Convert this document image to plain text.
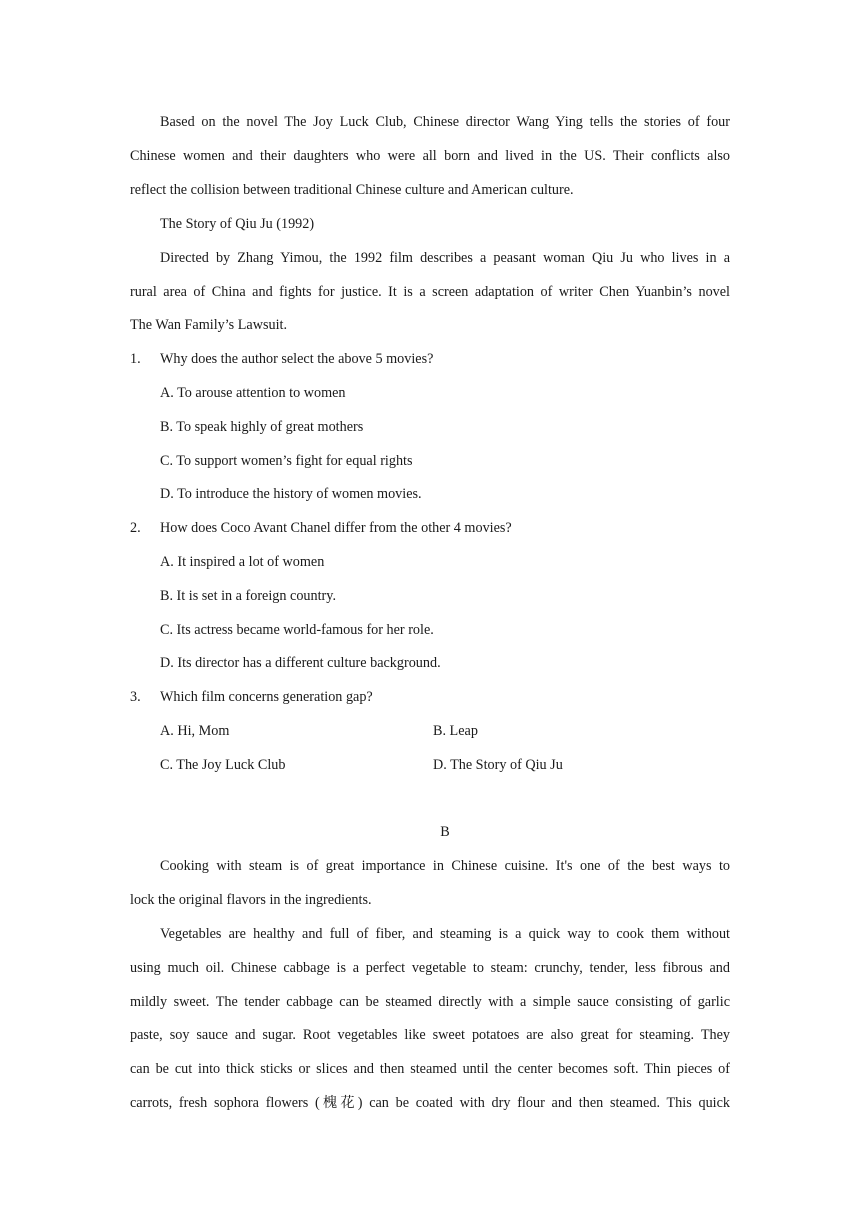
Based on the novel The Joy Luck Club, Chinese director Wang Ying tells the stories of four
Chinese women and their daughters who were all born and lived in the US. Their conflicts also
reflect the collision between traditional Chinese culture and American culture.
The Story of Qiu Ju (1992)
Directed by Zhang Yimou, the 1992 film describes a peasant woman Qiu Ju who lives in a
rural area of China and fights for justice. It is a screen adaptation of writer Chen Yuanbin’s novel
The Wan Family’s Lawsuit.
1. Why does the author select the above 5 movies?
A. To arouse attention to women
B. To speak highly of great mothers
C. To support women’s fight for equal rights
D. To introduce the history of women movies.
2. How does Coco Avant Chanel differ from the other 4 movies?
A. It inspired a lot of women
B. It is set in a foreign country.
C. Its actress became world-famous for her role.
D. Its director has a different culture background.
3. Which film concerns generation gap?
A. Hi, Mom	B. Leap
C. The Joy Luck Club	D. The Story of Qiu Ju
B
Cooking with steam is of great importance in Chinese cuisine. It's one of the best ways to
lock the original flavors in the ingredients.
Vegetables are healthy and full of fiber, and steaming is a quick way to cook them without
using much oil. Chinese cabbage is a perfect vegetable to steam: crunchy, tender, less fibrous and
mildly sweet. The tender cabbage can be steamed directly with a simple sauce consisting of garlic
paste, soy sauce and sugar. Root vegetables like sweet potatoes are also great for steaming. They
can be cut into thick sticks or slices and then steamed until the center becomes soft. Thin pieces of
carrots, fresh sophora flowers (槐花) can be coated with dry flour and then steamed. This quick
